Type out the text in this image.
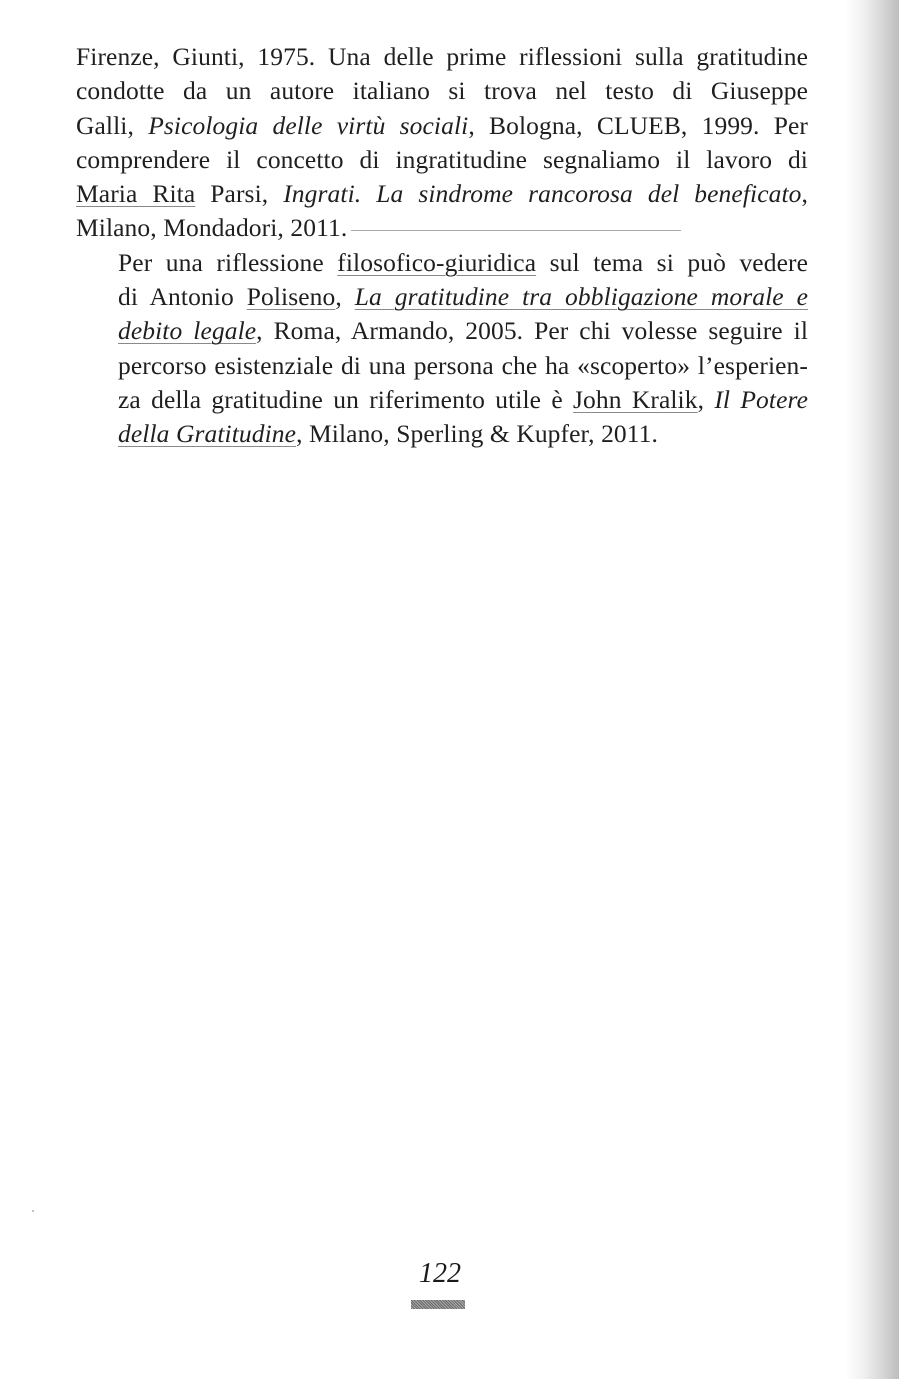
Firenze, Giunti, 1975. Una delle prime riflessioni sulla gratitudine
condotte da un autore italiano si trova nel testo di Giuseppe
Galli, Psicologia delle virtù sociali, Bologna, CLUEB, 1999. Per
comprendere il concetto di ingratitudine segnaliamo il lavoro di
Maria Rita Parsi, Ingrati. La sindrome rancorosa del beneficato,
Milano, Mondadori, 2011.

Per una riflessione filosofico-giuridica sul tema si può vedere
di Antonio Poliseno, La gratitudine tra obbligazione morale e
debito legale, Roma, Armando, 2005. Per chi volesse seguire il
percorso esistenziale di una persona che ha «scoperto» l’esperien-
za della gratitudine un riferimento utile è John Kralik, Il Potere
della Gratitudine, Milano, Sperling & Kupfer, 2011.

122
